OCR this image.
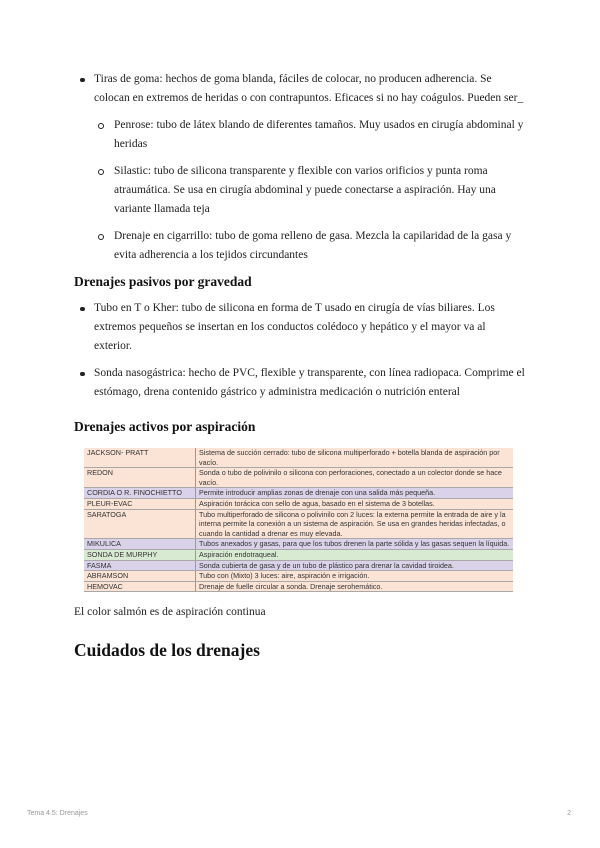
Tiras de goma: hechos de goma blanda, fáciles de colocar, no producen adherencia. Se colocan en extremos de heridas o con contrapuntos. Eficaces si no hay coágulos. Pueden ser_
Penrose: tubo de látex blando de diferentes tamaños. Muy usados en cirugía abdominal y heridas
Silastic: tubo de silicona transparente y flexible con varios orificios y punta roma atraumática. Se usa en cirugía abdominal y puede conectarse a aspiración. Hay una variante llamada teja
Drenaje en cigarrillo: tubo de goma relleno de gasa. Mezcla la capilaridad de la gasa y evita adherencia a los tejidos circundantes
Drenajes pasivos por gravedad
Tubo en T o Kher: tubo de silicona en forma de T usado en cirugía de vías biliares. Los extremos pequeños se insertan en los conductos colédoco y hepático y el mayor va al exterior.
Sonda nasogástrica: hecho de PVC, flexible y transparente, con línea radiopaca. Comprime el estómago, drena contenido gástrico y administra medicación o nutrición enteral
Drenajes activos por aspiración
JACKSON- PRATT	Sistema de succión cerrado: tubo de silicona multiperforado + botella blanda de aspiración por vacío.
REDON	Sonda o tubo de polivinilo o silicona con perforaciones, conectado a un colector donde se hace vacío.
CORDIA O R. FINOCHIETTO	Permite introducir amplias zonas de drenaje con una salida más pequeña.
PLEUR-EVAC	Aspiración torácica con sello de agua, basado en el sistema de 3 botellas.
SARATOGA	Tubo multiperforado de silicona o polivinilo con 2 luces: la externa permite la entrada de aire y la interna permite la conexión a un sistema de aspiración. Se usa en grandes heridas infectadas, o cuando la cantidad a drenar es muy elevada.
MIKULICA	Tubos anexados y gasas, para que los tubos drenen la parte sólida y las gasas sequen la líquida.
SONDA DE MURPHY	Aspiración endotraqueal.
FASMA	Sonda cubierta de gasa y de un tubo de plástico para drenar la cavidad tiroidea.
ABRAMSON	Tubo con (Mixto) 3 luces: aire, aspiración e irrigación.
HEMOVAC	Drenaje de fuelle circular a sonda. Drenaje serohemático.

El color salmón es de aspiración continua

Cuidados de los drenajes
Tema 4.5: Drenajes	2
